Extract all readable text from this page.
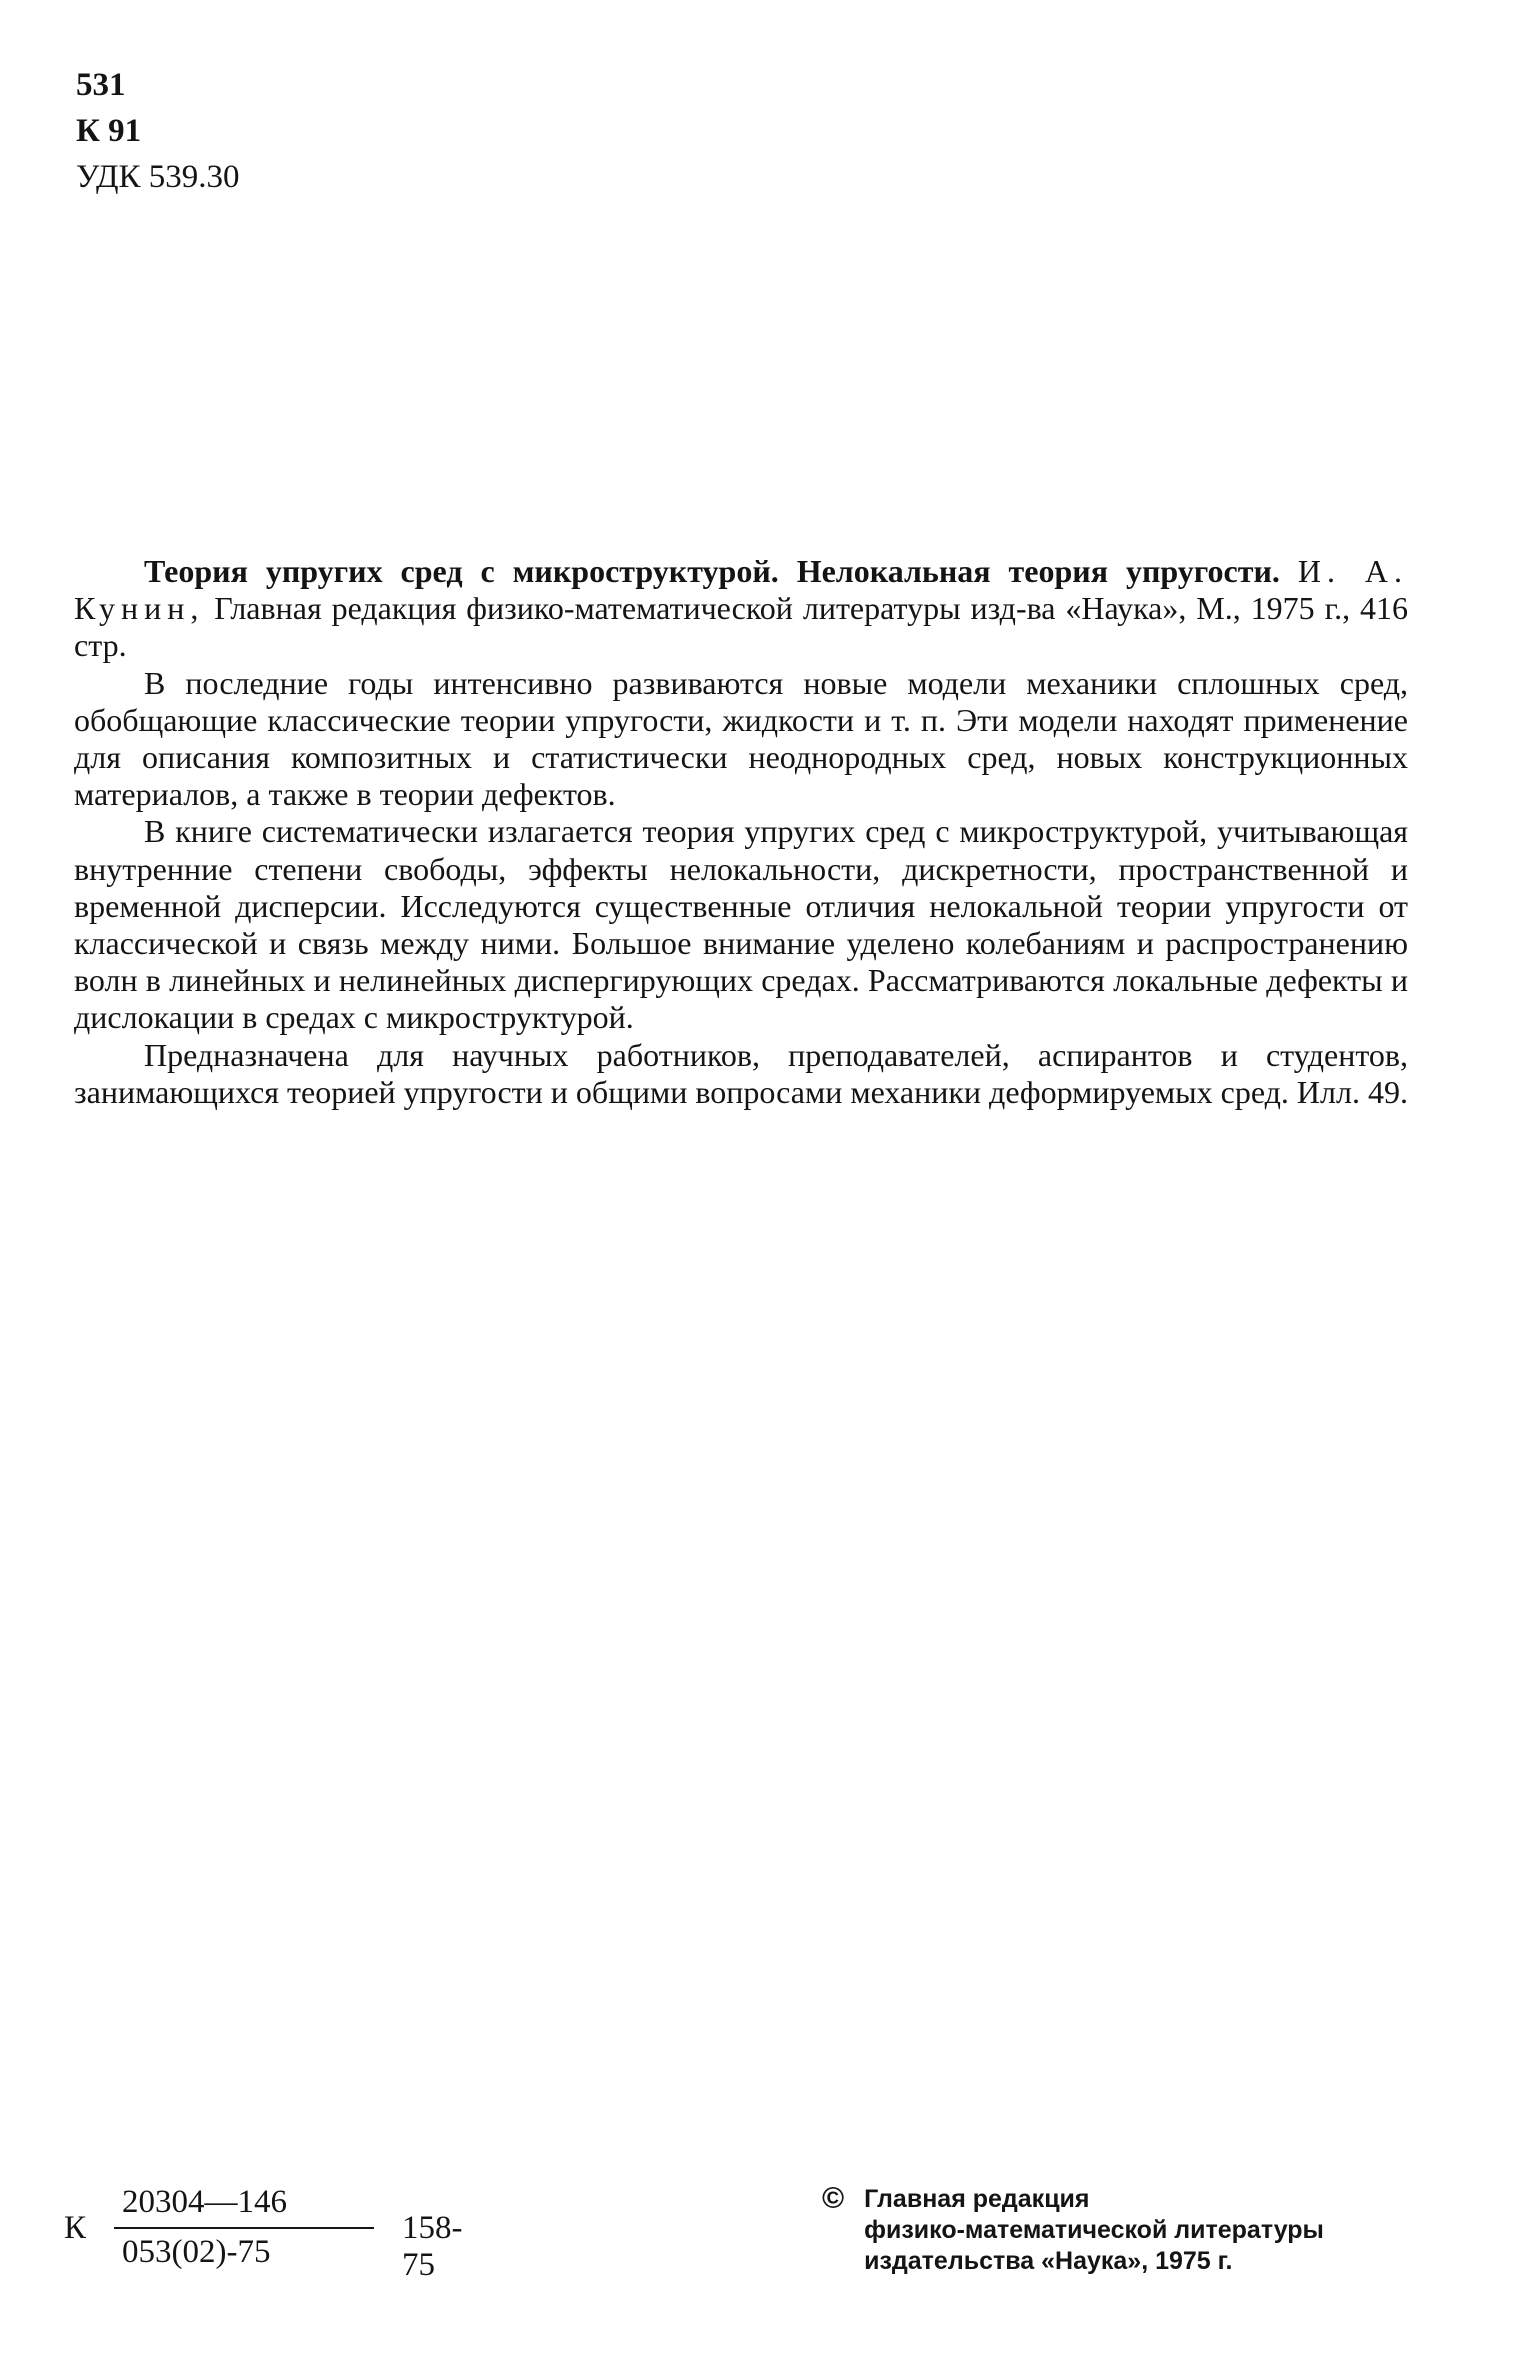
531
К 91
УДК 539.30

Теория упругих сред с микроструктурой. Нелокальная теория упругости. И. А. Кунин, Главная редакция физико-математической литературы изд-ва «Наука», М., 1975 г., 416 стр.

В последние годы интенсивно развиваются новые модели механики сплошных сред, обобщающие классические теории упругости, жидкости и т. п. Эти модели находят применение для описания композитных и статистически неоднородных сред, новых конструкционных материалов, а также в теории дефектов.

В книге систематически излагается теория упругих сред с микроструктурой, учитывающая внутренние степени свободы, эффекты нелокальности, дискретности, пространственной и временной дисперсии. Исследуются существенные отличия нелокальной теории упругости от классической и связь между ними. Большое внимание уделено колебаниям и распространению волн в линейных и нелинейных диспергирующих средах. Рассматриваются локальные дефекты и дислокации в средах с микроструктурой.

Предназначена для научных работников, преподавателей, аспирантов и студентов, занимающихся теорией упругости и общими вопросами механики деформируемых сред. Илл. 49.

К
20304—146
053(02)-75
158-75
© Главная редакция
физико-математической литературы
издательства «Наука», 1975 г.
